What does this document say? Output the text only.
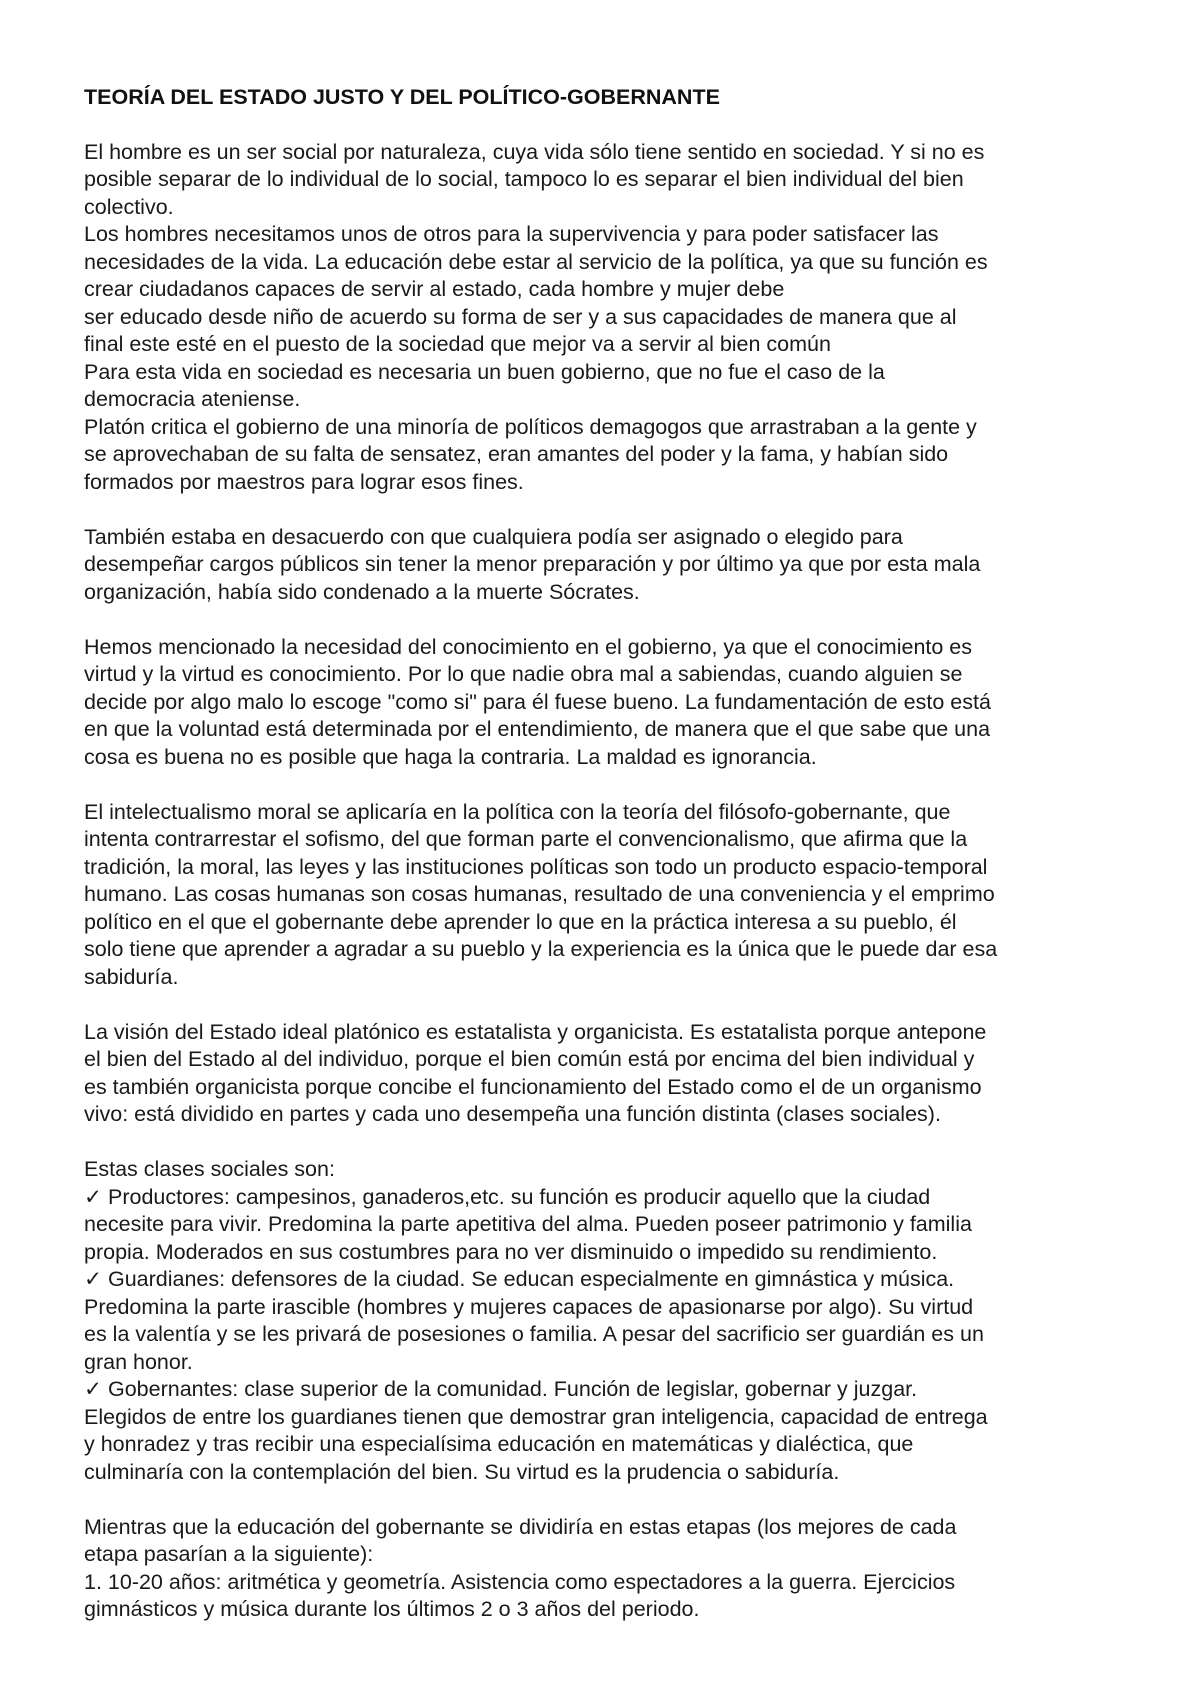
TEORÍA DEL ESTADO JUSTO Y DEL POLÍTICO-GOBERNANTE

El hombre es un ser social por naturaleza, cuya vida sólo tiene sentido en sociedad. Y si no es
posible separar de lo individual de lo social, tampoco lo es separar el bien individual del bien
colectivo.
Los hombres necesitamos unos de otros para la supervivencia y para poder satisfacer las
necesidades de la vida. La educación debe estar al servicio de la política, ya que su función es
crear ciudadanos capaces de servir al estado, cada hombre y mujer debe
ser educado desde niño de acuerdo su forma de ser y a sus capacidades de manera que al
final este esté en el puesto de la sociedad que mejor va a servir al bien común
Para esta vida en sociedad es necesaria un buen gobierno, que no fue el caso de la
democracia ateniense.
Platón critica el gobierno de una minoría de políticos demagogos que arrastraban a la gente y
se aprovechaban de su falta de sensatez, eran amantes del poder y la fama, y habían sido
formados por maestros para lograr esos fines.

También estaba en desacuerdo con que cualquiera podía ser asignado o elegido para
desempeñar cargos públicos sin tener la menor preparación y por último ya que por esta mala
organización, había sido condenado a la muerte Sócrates.

Hemos mencionado la necesidad del conocimiento en el gobierno, ya que el conocimiento es
virtud y la virtud es conocimiento. Por lo que nadie obra mal a sabiendas, cuando alguien se
decide por algo malo lo escoge "como si" para él fuese bueno. La fundamentación de esto está
en que la voluntad está determinada por el entendimiento, de manera que el que sabe que una
cosa es buena no es posible que haga la contraria. La maldad es ignorancia.

El intelectualismo moral se aplicaría en la política con la teoría del filósofo-gobernante, que
intenta contrarrestar el sofismo, del que forman parte el convencionalismo, que afirma que la
tradición, la moral, las leyes y las instituciones políticas son todo un producto espacio-temporal
humano. Las cosas humanas son cosas humanas, resultado de una conveniencia y el emprimo
político en el que el gobernante debe aprender lo que en la práctica interesa a su pueblo, él
solo tiene que aprender a agradar a su pueblo y la experiencia es la única que le puede dar esa
sabiduría.

La visión del Estado ideal platónico es estatalista y organicista. Es estatalista porque antepone
el bien del Estado al del individuo, porque el bien común está por encima del bien individual y
es también organicista porque concibe el funcionamiento del Estado como el de un organismo
vivo: está dividido en partes y cada uno desempeña una función distinta (clases sociales).

Estas clases sociales son:
✓ Productores: campesinos, ganaderos,etc. su función es producir aquello que la ciudad
necesite para vivir. Predomina la parte apetitiva del alma. Pueden poseer patrimonio y familia
propia. Moderados en sus costumbres para no ver disminuido o impedido su rendimiento.
✓ Guardianes: defensores de la ciudad. Se educan especialmente en gimnástica y música.
Predomina la parte irascible (hombres y mujeres capaces de apasionarse por algo). Su virtud
es la valentía y se les privará de posesiones o familia. A pesar del sacrificio ser guardián es un
gran honor.
✓ Gobernantes: clase superior de la comunidad. Función de legislar, gobernar y juzgar.
Elegidos de entre los guardianes tienen que demostrar gran inteligencia, capacidad de entrega
y honradez y tras recibir una especialísima educación en matemáticas y dialéctica, que
culminaría con la contemplación del bien. Su virtud es la prudencia o sabiduría.

Mientras que la educación del gobernante se dividiría en estas etapas (los mejores de cada
etapa pasarían a la siguiente):
1. 10-20 años: aritmética y geometría. Asistencia como espectadores a la guerra. Ejercicios
gimnásticos y música durante los últimos 2 o 3 años del periodo.
